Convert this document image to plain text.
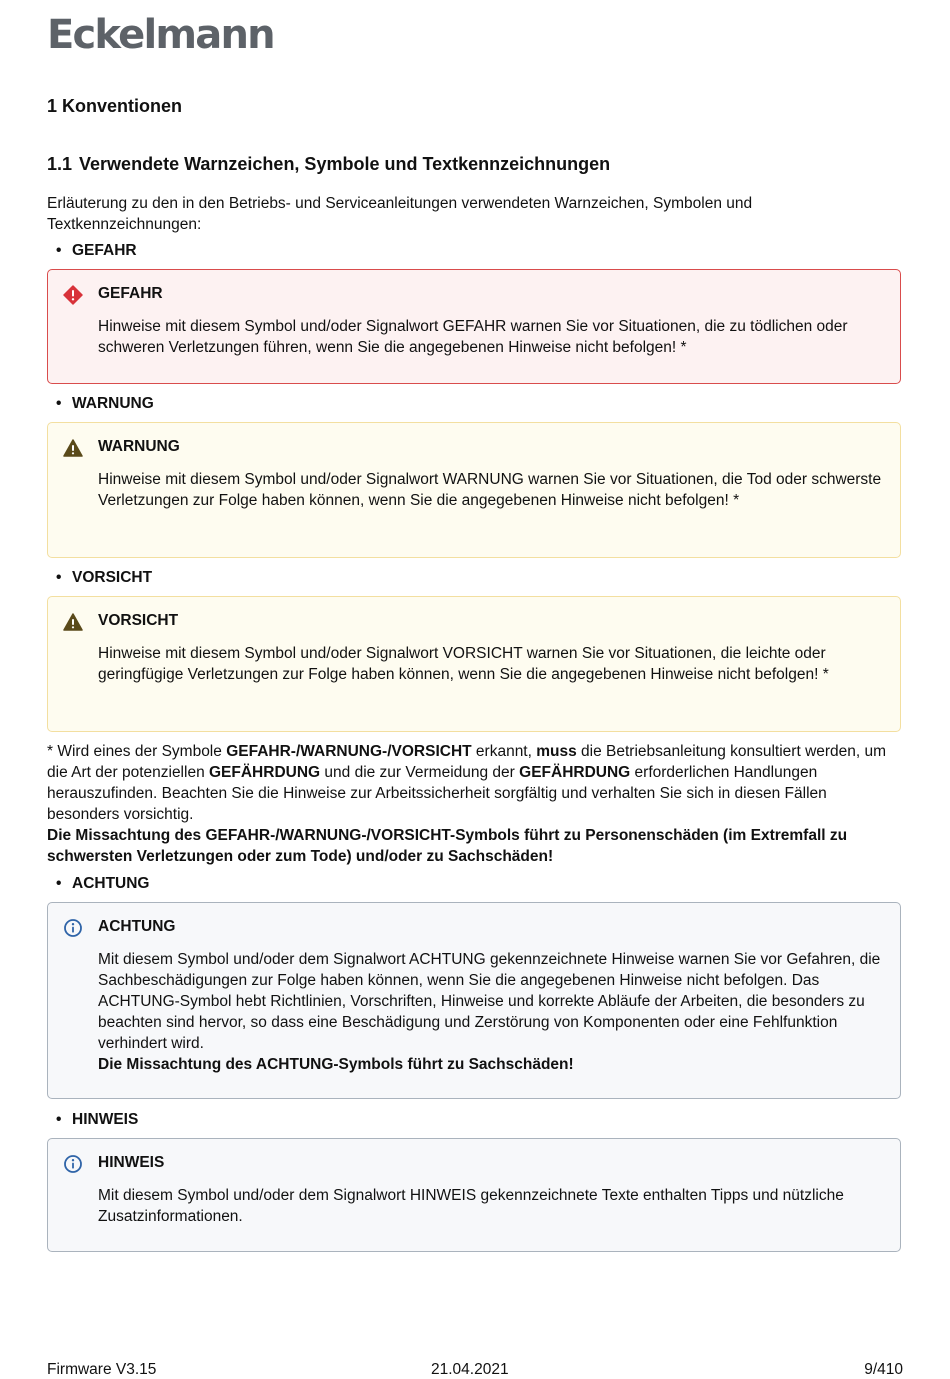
Eckelmann
1 Konventionen
1.1 Verwendete Warnzeichen, Symbole und Textkennzeichnungen
Erläuterung zu den in den Betriebs- und Serviceanleitungen verwendeten Warnzeichen, Symbolen und Textkennzeichnungen:
• GEFAHR
GEFAHR
Hinweise mit diesem Symbol und/oder Signalwort GEFAHR warnen Sie vor Situationen, die zu tödlichen oder schweren Verletzungen führen, wenn Sie die angegebenen Hinweise nicht befolgen! *
• WARNUNG
WARNUNG
Hinweise mit diesem Symbol und/oder Signalwort WARNUNG warnen Sie vor Situationen, die Tod oder schwerste Verletzungen zur Folge haben können, wenn Sie die angegebenen Hinweise nicht befolgen! *
• VORSICHT
VORSICHT
Hinweise mit diesem Symbol und/oder Signalwort VORSICHT warnen Sie vor Situationen, die leichte oder geringfügige Verletzungen zur Folge haben können, wenn Sie die angegebenen Hinweise nicht befolgen! *
* Wird eines der Symbole GEFAHR-/WARNUNG-/VORSICHT erkannt, muss die Betriebsanleitung konsultiert werden, um die Art der potenziellen GEFÄHRDUNG und die zur Vermeidung der GEFÄHRDUNG erforderlichen Handlungen herauszufinden. Beachten Sie die Hinweise zur Arbeitssicherheit sorgfältig und verhalten Sie sich in diesen Fällen besonders vorsichtig.
Die Missachtung des GEFAHR-/WARNUNG-/VORSICHT-Symbols führt zu Personenschäden (im Extremfall zu schwersten Verletzungen oder zum Tode) und/oder zu Sachschäden!
• ACHTUNG
ACHTUNG
Mit diesem Symbol und/oder dem Signalwort ACHTUNG gekennzeichnete Hinweise warnen Sie vor Gefahren, die Sachbeschädigungen zur Folge haben können, wenn Sie die angegebenen Hinweise nicht befolgen. Das ACHTUNG-Symbol hebt Richtlinien, Vorschriften, Hinweise und korrekte Abläufe der Arbeiten, die besonders zu beachten sind hervor, so dass eine Beschädigung und Zerstörung von Komponenten oder eine Fehlfunktion verhindert wird.
Die Missachtung des ACHTUNG-Symbols führt zu Sachschäden!
• HINWEIS
HINWEIS
Mit diesem Symbol und/oder dem Signalwort HINWEIS gekennzeichnete Texte enthalten Tipps und nützliche Zusatzinformationen.
Firmware V3.15	21.04.2021	9/410
